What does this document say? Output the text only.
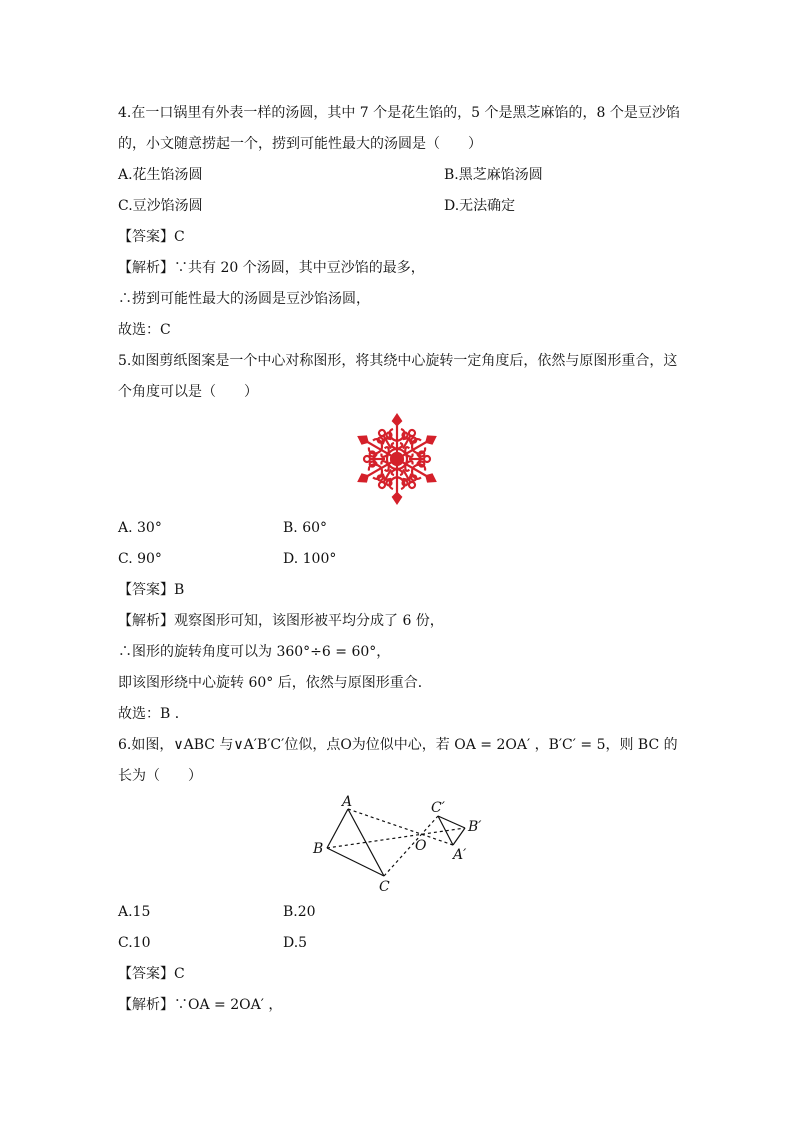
4.在一口锅里有外表一样的汤圆，其中 7 个是花生馅的，5 个是黑芝麻馅的，8 个是豆沙馅
的，小文随意捞起一个，捞到可能性最大的汤圆是（　　）
A.花生馅汤圆	B.黑芝麻馅汤圆
C.豆沙馅汤圆	D.无法确定
【答案】C
【解析】∵共有 20 个汤圆，其中豆沙馅的最多，
∴捞到可能性最大的汤圆是豆沙馅汤圆，
故选：C
5.如图剪纸图案是一个中心对称图形，将其绕中心旋转一定角度后，依然与原图形重合，这
个角度可以是（　　）
A. 30°	B. 60°
C. 90°	D. 100°
【答案】B
【解析】观察图形可知，该图形被平均分成了 6 份，
∴图形的旋转角度可以为 360°÷6 = 60°，
即该图形绕中心旋转 60° 后，依然与原图形重合．
故选：B ．
6.如图，∨ABC 与∨A′B′C′位似，点O为位似中心，若 OA = 2OA′ ，B′C′ = 5，则 BC 的
长为（　　）
A
B
C
O
C′
B′
A′
A.15	B.20
C.10	D.5
【答案】C
【解析】∵OA = 2OA′ ，
